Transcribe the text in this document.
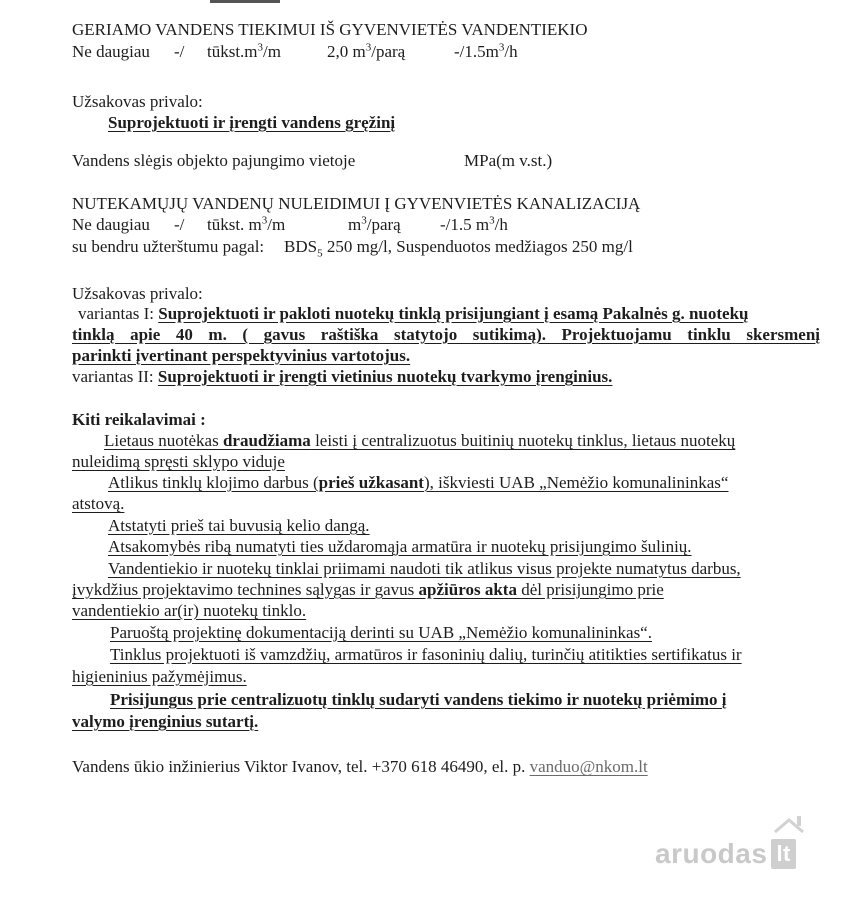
GERIAMO VANDENS TIEKIMUI IŠ GYVENVIETĖS VANDENTIEKIO
Ne daugiau -/ $tūkst.m^3/m$	2,0 $m^3$/parą	$-/1.5m^3/h$
Užsakovas privalo:
Suprojektuoti ir įrengti vandens gręžinį
Vandens slėgis objekto pajungimo vietoje	MPa(m v.st.)
NUTEKAMŲJŲ VANDENŲ NULEIDIMUI Į GYVENVIETĖS KANALIZACIJĄ
Ne daugiau -/ tūkst. $m^3/m$	$m^3$/parą -/1.5 $m^3/h$
su bendru užterštumu pagal: $BDS_5$ 250 mg/l, Suspenduotos medžiagos 250 mg/l
Užsakovas privalo:
variantas I: Suprojektuoti ir pakloti nuotekų tinklą prisijungiant į esamą Pakalnės g. nuotekų
tinklą apie 40 m. ( gavus raštiška statytojo sutikimą). Projektuojamu tinklu skersmenį
parinkti įvertinant perspektyvinius vartotojus.
variantas II: Suprojektuoti ir įrengti vietinius nuotekų tvarkymo įrenginius.
Kiti reikalavimai :
Lietaus nuotėkas draudžiama leisti į centralizuotus buitinių nuotekų tinklus, lietaus nuotekų
nuleidimą spręsti sklypo viduje
Atlikus tinklų klojimo darbus (prieš užkasant), iškviesti UAB „Nemėžio komunalininkas“
atstovą.
Atstatyti prieš tai buvusią kelio dangą.
Atsakomybės ribą numatyti ties uždaromąja armatūra ir nuotekų prisijungimo šulinių.
Vandentiekio ir nuotekų tinklai priimami naudoti tik atlikus visus projekte numatytus darbus,
įvykdžius projektavimo technines sąlygas ir gavus apžiūros akta dėl prisijungimo prie
vandentiekio ar(ir) nuotekų tinklo.
Paruoštą projektinę dokumentaciją derinti su UAB „Nemėžio komunalininkas“.
Tinklus projektuoti iš vamzdžių, armatūros ir fasoninių dalių, turinčių atitikties sertifikatus ir
higieninius pažymėjimus.
Prisijungus prie centralizuotų tinklų sudaryti vandens tiekimo ir nuotekų priėmimo į
valymo įrenginius sutartį.
Vandens ūkio inžinierius Viktor Ivanov, tel. +370 618 46490, el. p. vanduo@nkom.lt
aruodas lt
